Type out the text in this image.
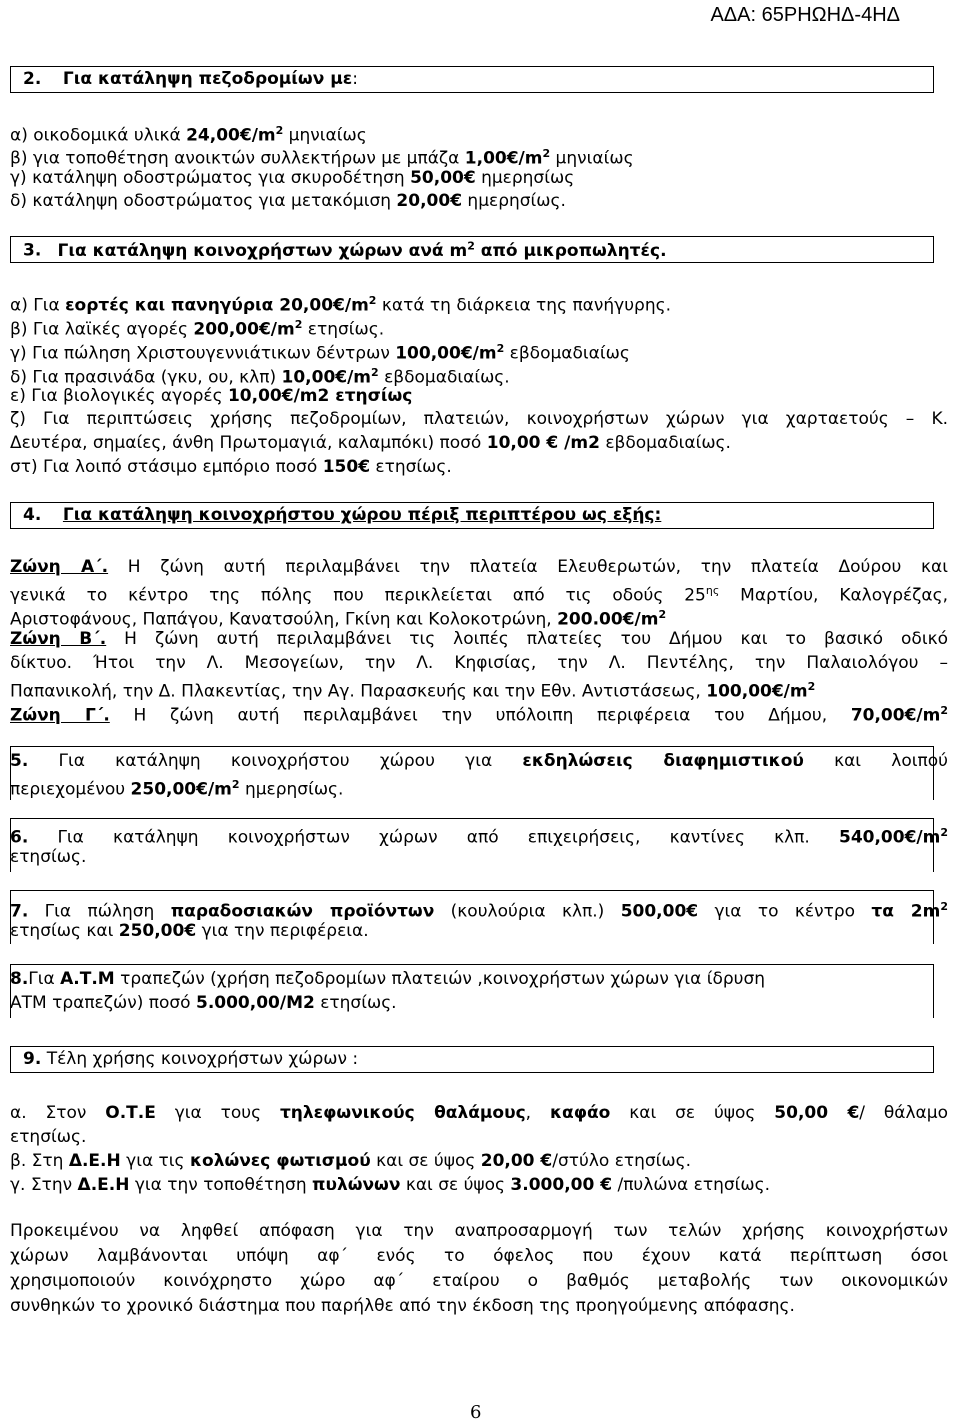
ΑΔΑ: 65ΡΗΩΗΔ-4ΗΔ
2. Για κατάληψη πεζοδρομίων με:
α) οικοδομικά υλικά $24,00€/m^2$ μηνιαίως
β) για τοποθέτηση ανοικτών συλλεκτήρων με μπάζα $1,00€/m^2$ μηνιαίως
γ) κατάληψη οδοστρώματος για σκυροδέτηση 50,00€ ημερησίως
δ) κατάληψη οδοστρώματος για μετακόμιση 20,00€ ημερησίως.
3. Για κατάληψη κοινοχρήστων χώρων ανά $m^2$ από μικροπωλητές.
α) Για εορτές και πανηγύρια $20,00€/m^2$ κατά τη διάρκεια της πανήγυρης.
β) Για λαϊκές αγορές $200,00€/m^2$ ετησίως.
γ) Για πώληση Χριστουγεννιάτικων δέντρων $100,00€/m^2$ εβδομαδιαίως
δ) Για πρασινάδα (γκυ, ου, κλπ) $10,00€/m^2$ εβδομαδιαίως.
ε) Για βιολογικές αγορές 10,00€/m2 ετησίως
ζ) Για περιπτώσεις χρήσης πεζοδρομίων, πλατειών, κοινοχρήστων χώρων για χαρταετούς – Κ.
Δευτέρα, σημαίες, άνθη Πρωτομαγιά, καλαμπόκι) ποσό 10,00 € /m2 εβδομαδιαίως.
στ) Για λοιπό στάσιμο εμπόριο ποσό 150€ ετησίως.
4. Για κατάληψη κοινοχρήστου χώρου πέριξ περιπτέρου ως εξής:
Ζώνη Α΄. Η ζώνη αυτή περιλαμβάνει την πλατεία Ελευθερωτών, την πλατεία Δούρου και
γενικά το κέντρο της πόλης που περικλείεται από τις οδούς $25^{\eta\varsigma}$ Μαρτίου, Καλογρέζας,
Αριστοφάνους, Παπάγου, Κανατσούλη, Γκίνη και Κολοκοτρώνη, $200.00€/m^2$
Ζώνη Β΄. Η ζώνη αυτή περιλαμβάνει τις λοιπές πλατείες του Δήμου και το βασικό οδικό
δίκτυο. Ήτοι την Λ. Μεσογείων, την Λ. Κηφισίας, την Λ. Πεντέλης, την Παλαιολόγου –
Παπανικολή, την Δ. Πλακεντίας, την Αγ. Παρασκευής και την Εθν. Αντιστάσεως, $100,00€/m^2$
Ζώνη Γ΄. Η ζώνη αυτή περιλαμβάνει την υπόλοιπη περιφέρεια του Δήμου, $70,00€/m^2$
5. Για κατάληψη κοινοχρήστου χώρου για εκδηλώσεις διαφημιστικού και λοιπού
περιεχομένου $250,00€/m^2$ ημερησίως.
6. Για κατάληψη κοινοχρήστων χώρων από επιχειρήσεις, καντίνες κλπ. $540,00€/m^2$
ετησίως.
7. Για πώληση παραδοσιακών προϊόντων (κουλούρια κλπ.) 500,00€ για το κέντρο τα $2m^2$
ετησίως και 250,00€ για την περιφέρεια.
8.Για Α.Τ.Μ τραπεζών (χρήση πεζοδρομίων πλατειών ,κοινοχρήστων χώρων για ίδρυση
ΑΤΜ τραπεζών) ποσό 5.000,00/M2 ετησίως.
9. Τέλη χρήσης κοινοχρήστων χώρων :
α. Στον Ο.Τ.Ε για τους τηλεφωνικούς θαλάμους, καφάο και σε ύψος 50,00 €/ θάλαμο
ετησίως.
β. Στη Δ.Ε.Η για τις κολώνες φωτισμού και σε ύψος 20,00 €/στύλο ετησίως.
γ. Στην Δ.Ε.Η για την τοποθέτηση πυλώνων και σε ύψος 3.000,00 € /πυλώνα ετησίως.
Προκειμένου να ληφθεί απόφαση για την αναπροσαρμογή των τελών χρήσης κοινοχρήστων
χώρων λαμβάνονται υπόψη αφ΄ ενός το όφελος που έχουν κατά περίπτωση όσοι
χρησιμοποιούν κοινόχρηστο χώρο αφ΄ εταίρου ο βαθμός μεταβολής των οικονομικών
συνθηκών το χρονικό διάστημα που παρήλθε από την έκδοση της προηγούμενης απόφασης.
6
